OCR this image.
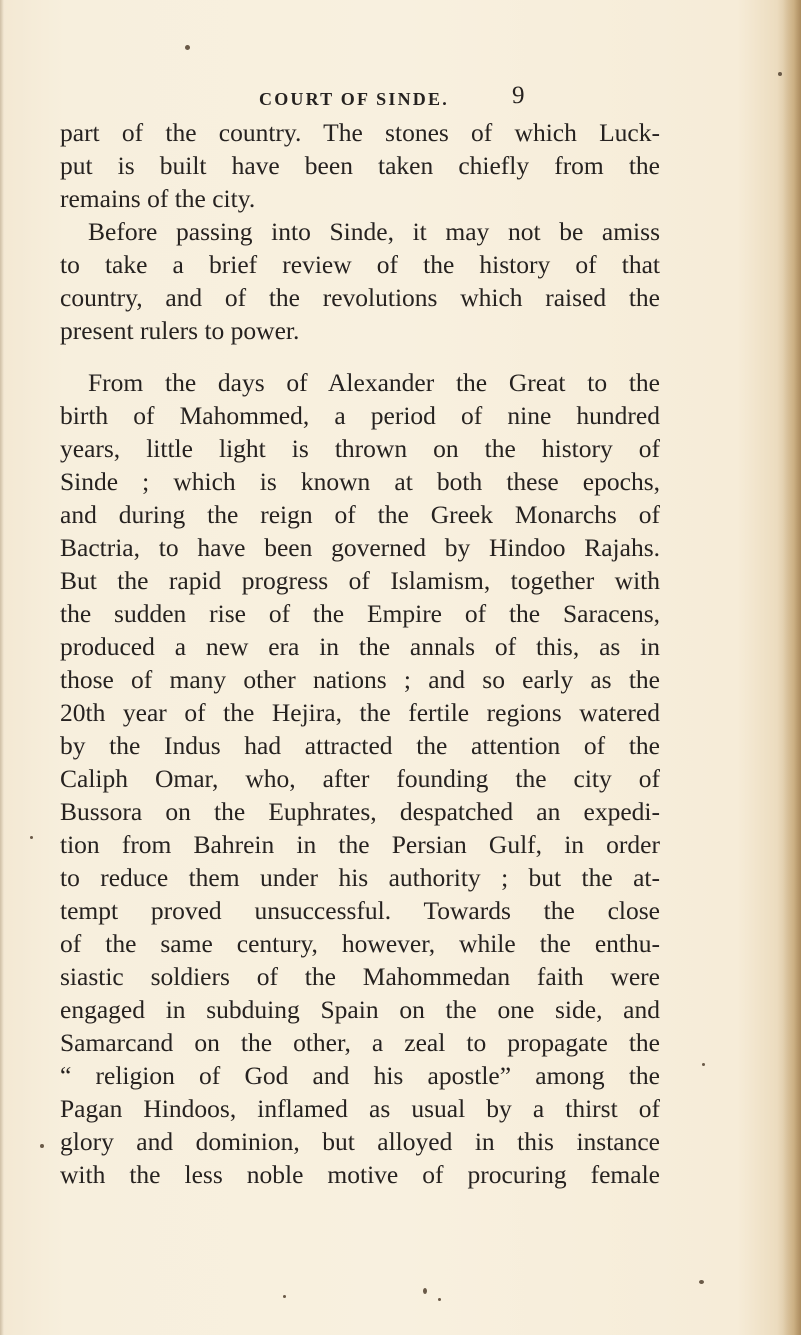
COURT OF SINDE.	9

part of the country. The stones of which Luck-
put is built have been taken chiefly from the
remains of the city.

Before passing into Sinde, it may not be amiss
to take a brief review of the history of that
country, and of the revolutions which raised the
present rulers to power.

From the days of Alexander the Great to the
birth of Mahommed, a period of nine hundred
years, little light is thrown on the history of
Sinde ; which is known at both these epochs,
and during the reign of the Greek Monarchs of
Bactria, to have been governed by Hindoo Rajahs.
But the rapid progress of Islamism, together with
the sudden rise of the Empire of the Saracens,
produced a new era in the annals of this, as in
those of many other nations ; and so early as the
20th year of the Hejira, the fertile regions watered
by the Indus had attracted the attention of the
Caliph Omar, who, after founding the city of
Bussora on the Euphrates, despatched an expedi-
tion from Bahrein in the Persian Gulf, in order
to reduce them under his authority ; but the at-
tempt proved unsuccessful. Towards the close
of the same century, however, while the enthu-
siastic soldiers of the Mahommedan faith were
engaged in subduing Spain on the one side, and
Samarcand on the other, a zeal to propagate the
“ religion of God and his apostle” among the
Pagan Hindoos, inflamed as usual by a thirst of
glory and dominion, but alloyed in this instance
with the less noble motive of procuring female
